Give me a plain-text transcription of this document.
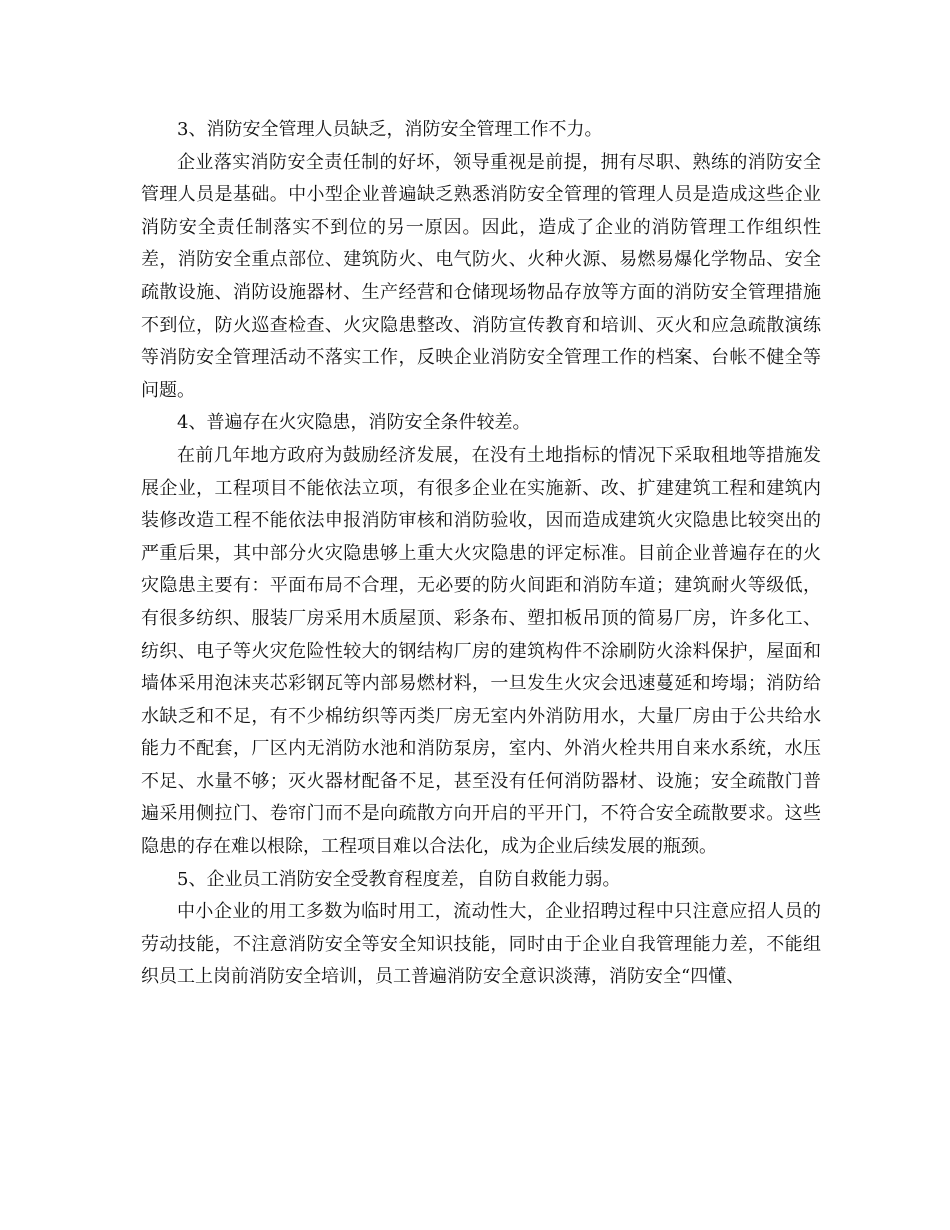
3、消防安全管理人员缺乏，消防安全管理工作不力。

企业落实消防安全责任制的好坏，领导重视是前提，拥有尽职、熟练的消防安全管理人员是基础。中小型企业普遍缺乏熟悉消防安全管理的管理人员是造成这些企业消防安全责任制落实不到位的另一原因。因此，造成了企业的消防管理工作组织性差，消防安全重点部位、建筑防火、电气防火、火种火源、易燃易爆化学物品、安全疏散设施、消防设施器材、生产经营和仓储现场物品存放等方面的消防安全管理措施不到位，防火巡查检查、火灾隐患整改、消防宣传教育和培训、灭火和应急疏散演练等消防安全管理活动不落实工作，反映企业消防安全管理工作的档案、台帐不健全等问题。

4、普遍存在火灾隐患，消防安全条件较差。

在前几年地方政府为鼓励经济发展，在没有土地指标的情况下采取租地等措施发展企业，工程项目不能依法立项，有很多企业在实施新、改、扩建建筑工程和建筑内装修改造工程不能依法申报消防审核和消防验收，因而造成建筑火灾隐患比较突出的严重后果，其中部分火灾隐患够上重大火灾隐患的评定标准。目前企业普遍存在的火灾隐患主要有：平面布局不合理，无必要的防火间距和消防车道；建筑耐火等级低，有很多纺织、服装厂房采用木质屋顶、彩条布、塑扣板吊顶的简易厂房，许多化工、纺织、电子等火灾危险性较大的钢结构厂房的建筑构件不涂刷防火涂料保护，屋面和墙体采用泡沫夹芯彩钢瓦等内部易燃材料，一旦发生火灾会迅速蔓延和垮塌；消防给水缺乏和不足，有不少棉纺织等丙类厂房无室内外消防用水，大量厂房由于公共给水能力不配套，厂区内无消防水池和消防泵房，室内、外消火栓共用自来水系统，水压不足、水量不够；灭火器材配备不足，甚至没有任何消防器材、设施；安全疏散门普遍采用侧拉门、卷帘门而不是向疏散方向开启的平开门，不符合安全疏散要求。这些隐患的存在难以根除，工程项目难以合法化，成为企业后续发展的瓶颈。

5、企业员工消防安全受教育程度差，自防自救能力弱。

中小企业的用工多数为临时用工，流动性大，企业招聘过程中只注意应招人员的劳动技能，不注意消防安全等安全知识技能，同时由于企业自我管理能力差，不能组织员工上岗前消防安全培训，员工普遍消防安全意识淡薄，消防安全“四懂、
